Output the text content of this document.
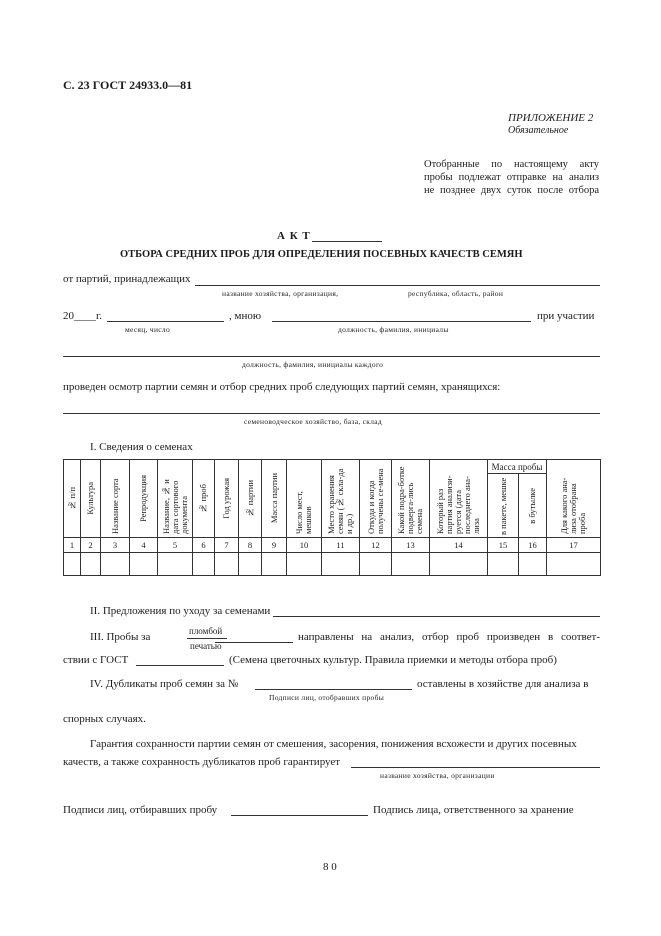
С. 23 ГОСТ 24933.0—81
ПРИЛОЖЕНИЕ 2
Обязательное
Отобранные по настоящему акту
пробы подлежат отправке на анализ
не позднее двух суток после отбора
А К Т
ОТБОРА СРЕДНИХ ПРОБ ДЛЯ ОПРЕДЕЛЕНИЯ ПОСЕВНЫХ КАЧЕСТВ СЕМЯН
от партий, принадлежащих
название хозяйства, организация,	республика, область, район
20____г.	, мною	при участии
месяц, число	должность, фамилия, инициалы
должность, фамилия, инициалы каждого
проведен осмотр партии семян и отбор средних проб следующих партий семян, хранящихся:
семеноводческое хозяйство, база, склад
I. Сведения о семенах
№ п/п	Культура	Название сорта	Репродукция	Название, № и дата сортового документа	№ проб	Год урожая	№ партии	Масса партии	Число мест, мешков	Место хранения семян (№ скла-да и др.)	Откуда и когда получены се-мена	Какой подра-ботке подверга-лись семена	Который раз партия анализи-руется (дата последнего ана-лиза	Масса пробы		Для какого ана-лиза отобрана проба

														в пакете, мешке	в бутылке	

1	2	3	4	5	6	7	8	9	10	11	12	13	14	15	16	17

II. Предложения по уходу за семенами
III. Пробы за	пломбой
печатью
направлены на анализ, отбор проб произведен в соответ-
ствии с ГОСТ	(Семена цветочных культур. Правила приемки и методы отбора проб)
IV. Дубликаты проб семян за №	оставлены в хозяйстве для анализа в
Подписи лиц, отобравших пробы
спорных случаях.
Гарантия сохранности партии семян от смешения, засорения, понижения всхожести и других посевных
качеств, а также сохранность дубликатов проб гарантирует
название хозяйства, организации
Подписи лиц, отбиравших пробу	Подпись лица, ответственного за хранение
8 0
